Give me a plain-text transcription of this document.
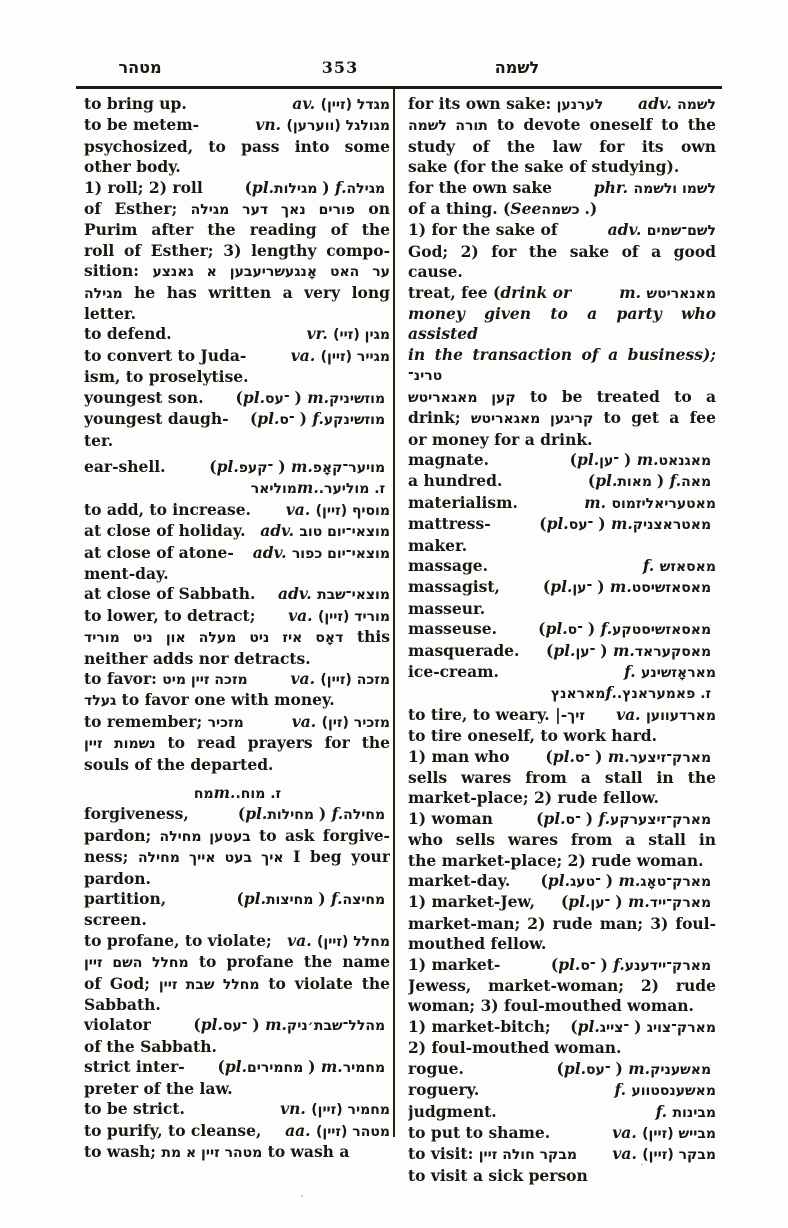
מטהר	353	לשמה
to bring up.	av. מגדל (זיין)
to be metem-	vn. מגולגל (ווערען)
psychosized, to pass into some
other body.
1) roll; 2) roll	(pl. מגילות) f. מגילה
of Esther; פורים נאך דער מגילה on
Purim after the reading of the
roll of Esther; 3) lengthy compo-
sition: ער האט אָנגעשריעבען א גאנצע
מגילה he has written a very long
letter.
to defend.	vr. מגין (זיי)
to convert to Juda-	va. מגייר (זיין)
ism, to proselytise.
youngest son. (pl. ־עס) m. מוזשיניק
youngest daugh- (pl. ־ס) f. מוזשינקע
ter.
ear-shell.	(pl. ־קעפ) m. מויער־קאָפ
מוליאר m. ז. מוליער.
to add, to increase. va. מוסיף (זיין)
at close of holiday. adv. מוצאי־יום טוב
at close of atone- adv. מוצאי־יום כפור
ment-day.
at close of Sabbath. adv. מוצאי־שבת
to lower, to detract; va. מוריד (זיין)
דאָס איז ניט מעלה און ניט מוריד this
neither adds nor detracts.
to favor: מזכה זיין מיט	va. מזכה (זיין)
געלד to favor one with money.
to remember; מזכיר	va. מזכיר (זין)
נשמות זיין to read prayers for the
souls of the departed.
מח m. ז. מוח.
forgiveness,	(pl. מחילות) f. מחילה
pardon; בעטען מחילה to ask forgive-
ness; איך בעט אייך מחילה I beg your
pardon.
partition,	(pl. מחיצות) f. מחיצה
screen.
to profane, to violate; va. מחלל (זיין)
מחלל השם זיין to profane the name
of God; מחלל שבת זיין to violate the
Sabbath.
violator	(pl. ־עס) m. מהלל־שבת׳ניק
of the Sabbath.
strict inter- (pl. מחמירים) m. מחמיר
preter of the law.
to be strict.	vn. מחמיר (זיין)
to purify, to cleanse, aa. מטהר (זיין)
to wash; מטהר זיין א מת to wash a
for its own sake: לערנען adv. לשמה
תורה לשמה to devote oneself to the
study of the law for its own
sake (for the sake of studying).
for the own sake	phr. לשמו ולשמה
of a thing. (See כשמה.)
1) for the sake of	adv. לשם־שמים
God; 2) for the sake of a good
cause.
treat, fee (drink or	m. מאנאריטש
money given to a party who assisted
in the transaction of a business); טרינ־
קען מאגאריטש to be treated to a
drink; קריגען מאגאריטש to get a fee
or money for a drink.
magnate.	(pl. ־ען) m. מאגנאט
a hundred.	(pl. מאות) f. מאה
materialism.	m. מאטעריאליזמוס
mattress-	(pl. ־עס) m. מאטראצניק
maker.
massage.	f. מאסאזש
massagist,	(pl. ־ען) m. מאסאזשיסט
masseur.
masseuse.	(pl. ־ס) f. מאסאזשיסטקע
masquerade. (pl. ־ען) m. מאסקעראד
ice-cream.	f. מאראָזשינע
מאראנץ f. ז. פאמעראנץ.
to tire, to weary. |-זיך va. מארדעווען
to tire oneself, to work hard.
1) man who (pl. ־ס) m. מארק־זיצער
sells wares from a stall in the
market-place; 2) rude fellow.
1) woman	(pl. ־ס) f. מארק־זיצערקע
who sells wares from a stall in
the market-place; 2) rude woman.
market-day. (pl. ־טעג) m. מארק־טאָג
1) market-Jew, (pl. ־ען) m. מארק־ייד
market-man; 2) rude man; 3) foul-
mouthed fellow.
1) market-	(pl. ־ס) f. מארק־יידענע
Jewess, market-woman; 2) rude
woman; 3) foul-mouthed woman.
1) market-bitch; (pl. ־צייג) מארק־צויג
2) foul-mouthed woman.
rogue.	(pl. ־עס) m. מאשעניק
roguery.	f. מאשענסטווע
judgment.	f. מבינות
to put to shame.	va. מבייש (זיין)
to visit: מבקר חולה זיין va. מבקר (זיין)
to visit a sick person
·
.
